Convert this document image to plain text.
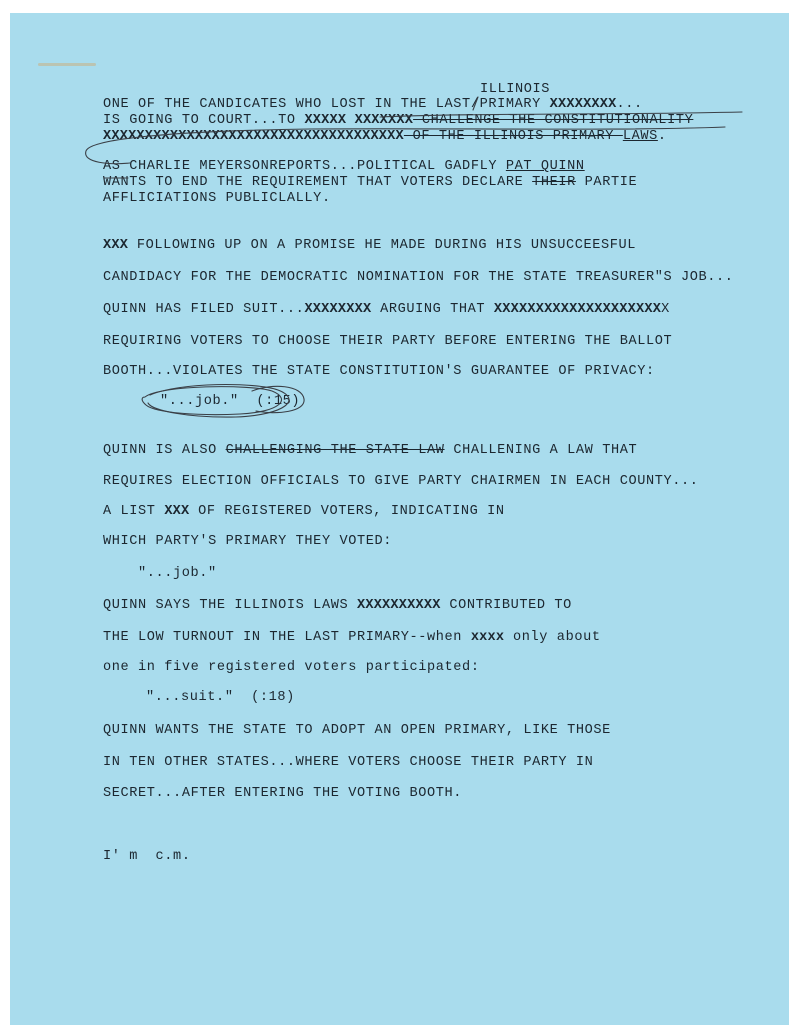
ILLINOIS
ONE OF THE CANDICATES WHO LOST IN THE LAST/PRIMARY XXXXXXXX...
IS GOING TO COURT...TO XXXXX XXXXXXX CHALLENGE THE CONSTITUTIONALITY
XXXXXXXXXXXXXXXXXXXXXXXXXXXXXXXXXXXX OF THE ILLINOIS PRIMARY LAWS.
AS CHARLIE MEYERSONREPORTS...POLITICAL GADFLY PAT QUINN
WANTS TO END THE REQUIREMENT THAT VOTERS DECLARE THEIR PARTIE
AFFLICIATIONS PUBLICLALLY.
XXX FOLLOWING UP ON A PROMISE HE MADE DURING HIS UNSUCCEESFUL
CANDIDACY FOR THE DEMOCRATIC NOMINATION FOR THE STATE TREASURER"S JOB...
QUINN HAS FILED SUIT...XXXXXXXX ARGUING THAT XXXXXXXXXXXXXXXXXXXXX
REQUIRING VOTERS TO CHOOSE THEIR PARTY BEFORE ENTERING THE BALLOT
BOOTH...VIOLATES THE STATE CONSTITUTION'S GUARANTEE OF PRIVACY:
"...job."  (:15)
QUINN IS ALSO CHALLENGING THE STATE LAW CHALLENING A LAW THAT
REQUIRES ELECTION OFFICIALS TO GIVE PARTY CHAIRMEN IN EACH COUNTY...
A LIST XXX OF REGISTERED VOTERS, INDICATING IN
WHICH PARTY'S PRIMARY THEY VOTED:
"...job."
QUINN SAYS THE ILLINOIS LAWS XXXXXXXXXX CONTRIBUTED TO
THE LOW TURNOUT IN THE LAST PRIMARY--when xxxx only about
one in five registered voters participated:
"...suit."  (:18)
QUINN WANTS THE STATE TO ADOPT AN OPEN PRIMARY, LIKE THOSE
IN TEN OTHER STATES...WHERE VOTERS CHOOSE THEIR PARTY IN
SECRET...AFTER ENTERING THE VOTING BOOTH.
I' m  c.m.
